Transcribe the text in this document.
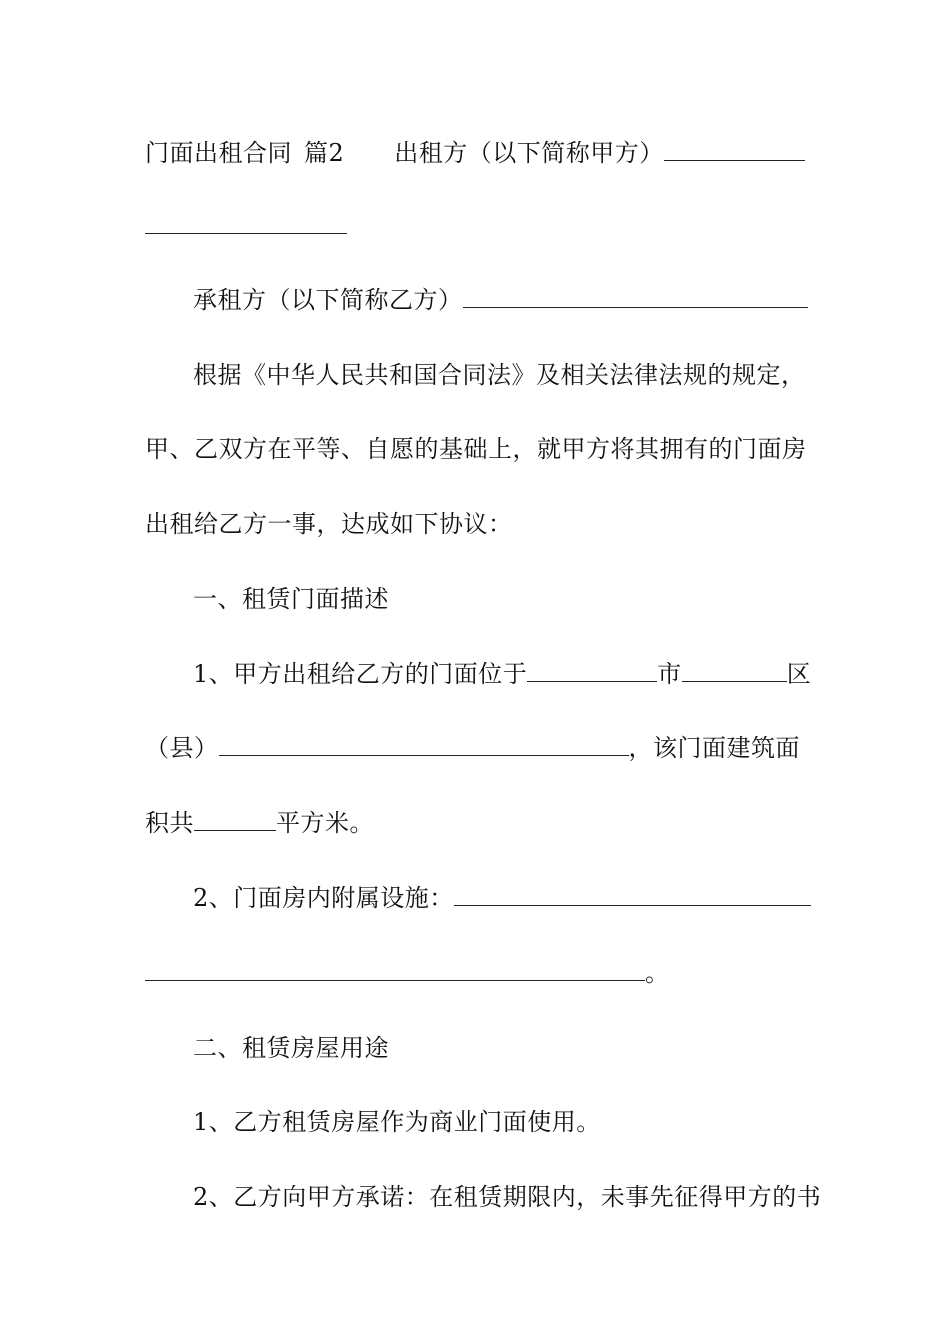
门面出租合同 篇2 出租方（以下简称甲方）
承租方（以下简称乙方）
根据《中华人民共和国合同法》及相关法律法规的规定，
甲、乙双方在平等、自愿的基础上，就甲方将其拥有的门面房
出租给乙方一事，达成如下协议：
一、租赁门面描述
1、甲方出租给乙方的门面位于	市	区
（县）	，该门面建筑面
积共	平方米。
2、门面房内附属设施：
。
二、租赁房屋用途
1、乙方租赁房屋作为商业门面使用。
2、乙方向甲方承诺：在租赁期限内，未事先征得甲方的书
